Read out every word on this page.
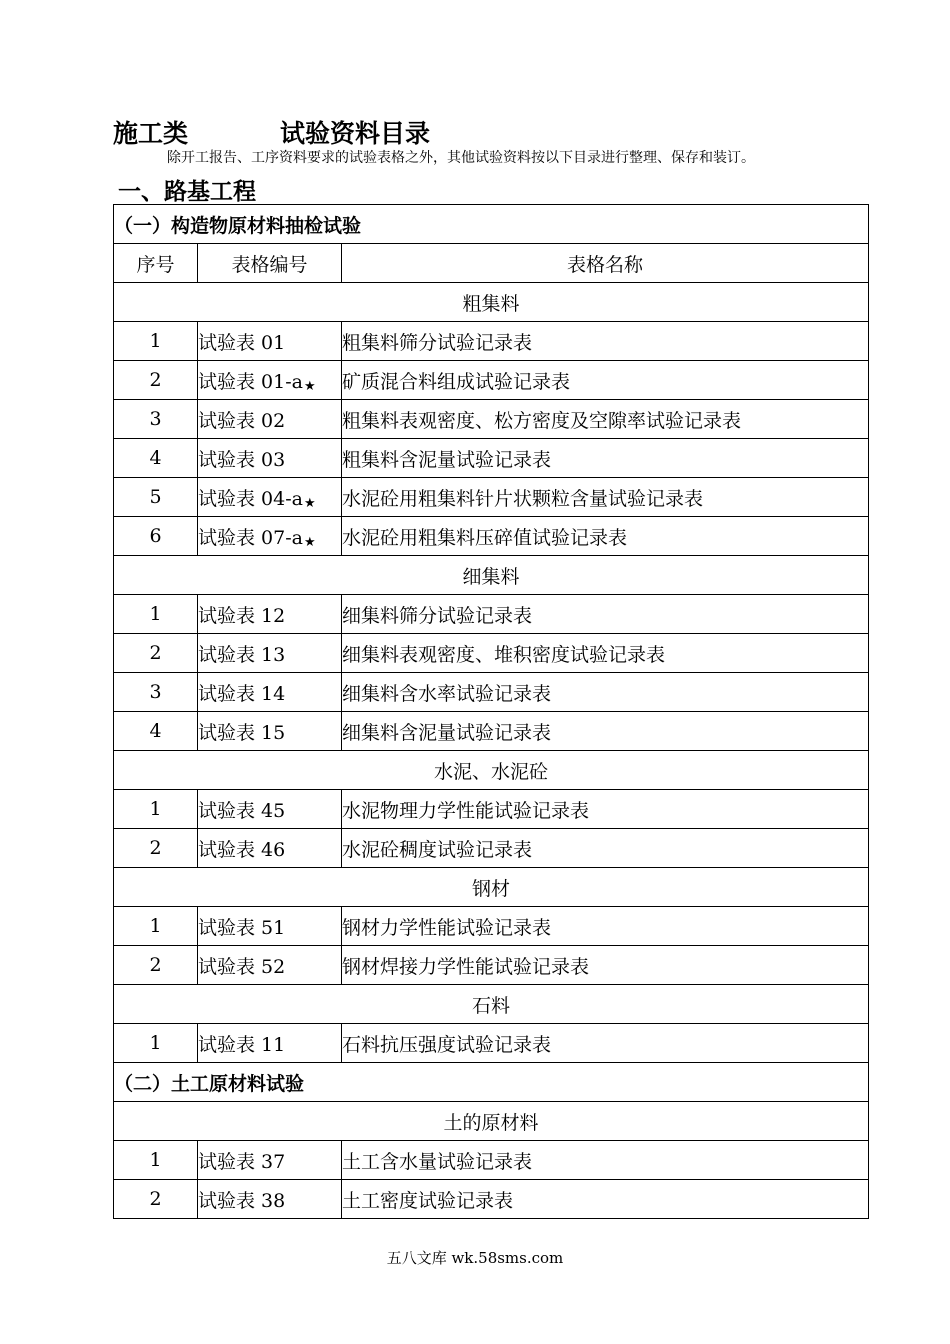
施工类	试验资料目录
除开工报告、工序资料要求的试验表格之外，其他试验资料按以下目录进行整理、保存和装订。
一、路基工程
（一）构造物原材料抽检试验		
序号	表格编号	表格名称
粗集料		
1	试验表 01	粗集料筛分试验记录表
2	试验表 01-a★	矿质混合料组成试验记录表
3	试验表 02	粗集料表观密度、松方密度及空隙率试验记录表
4	试验表 03	粗集料含泥量试验记录表
5	试验表 04-a★	水泥砼用粗集料针片状颗粒含量试验记录表
6	试验表 07-a★	水泥砼用粗集料压碎值试验记录表
细集料		
1	试验表 12	细集料筛分试验记录表
2	试验表 13	细集料表观密度、堆积密度试验记录表
3	试验表 14	细集料含水率试验记录表
4	试验表 15	细集料含泥量试验记录表
水泥、水泥砼		
1	试验表 45	水泥物理力学性能试验记录表
2	试验表 46	水泥砼稠度试验记录表
钢材		
1	试验表 51	钢材力学性能试验记录表
2	试验表 52	钢材焊接力学性能试验记录表
石料		
1	试验表 11	石料抗压强度试验记录表
（二）土工原材料试验		
土的原材料		
1	试验表 37	土工含水量试验记录表
2	试验表 38	土工密度试验记录表
五八文库 wk.58sms.com
